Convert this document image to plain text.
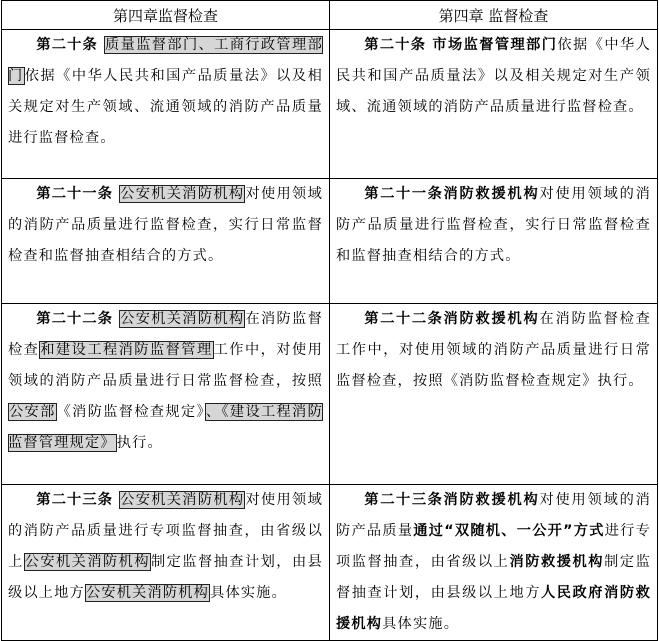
第四章监督检查	第四章 监督检查

第二十条 质量监督部门、工商行政管理部门依据《中华人民共和国产品质量法》以及相关规定对生产领域、流通领域的消防产品质量进行监督检查。	第二十条 市场监督管理部门依据《中华人民共和国产品质量法》以及相关规定对生产领域、流通领域的消防产品质量进行监督检查。

第二十一条 公安机关消防机构对使用领域的消防产品质量进行监督检查，实行日常监督检查和监督抽查相结合的方式。	第二十一条消防救援机构对使用领域的消防产品质量进行监督检查，实行日常监督检查和监督抽查相结合的方式。

第二十二条 公安机关消防机构在消防监督检查和建设工程消防监督管理工作中，对使用领域的消防产品质量进行日常监督检查，按照公安部《消防监督检查规定》、《建设工程消防监督管理规定》执行。	第二十二条消防救援机构在消防监督检查工作中，对使用领域的消防产品质量进行日常监督检查，按照《消防监督检查规定》执行。

第二十三条 公安机关消防机构对使用领域的消防产品质量进行专项监督抽查，由省级以上公安机关消防机构制定监督抽查计划，由县级以上地方公安机关消防机构具体实施。	第二十三条消防救援机构对使用领域的消防产品质量通过“双随机、一公开”方式进行专项监督抽查，由省级以上消防救援机构制定监督抽查计划，由县级以上地方人民政府消防救援机构具体实施。
